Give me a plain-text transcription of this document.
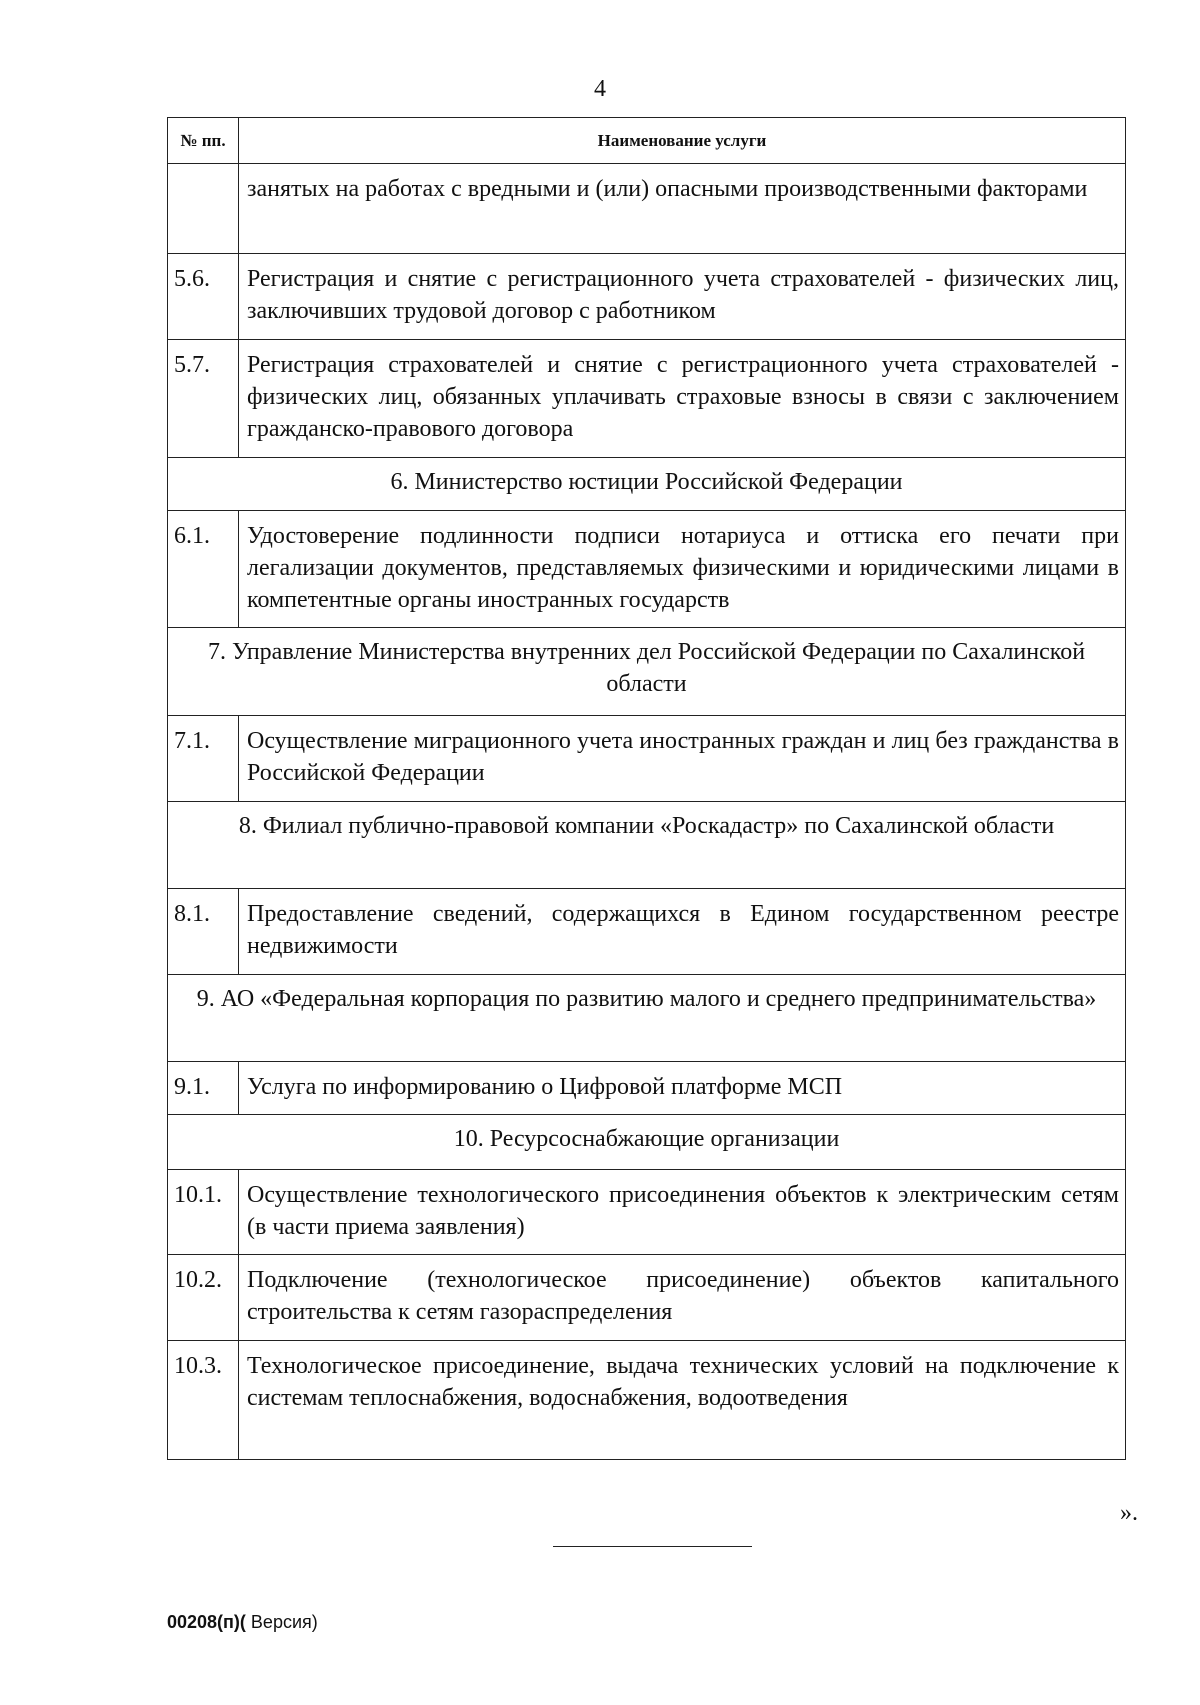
4
№ пп.	Наименование услуги
	занятых на работах с вредными и (или) опасными производственными факторами
5.6.	Регистрация и снятие с регистрационного учета страхователей - физических лиц, заключивших трудовой договор с работником
5.7.	Регистрация страхователей и снятие с регистрационного учета страхователей - физических лиц, обязанных уплачивать страховые взносы в связи с заключением гражданско-правового договора
6. Министерство юстиции Российской Федерации	
6.1.	Удостоверение подлинности подписи нотариуса и оттиска его печати при легализации документов, представляемых физическими и юридическими лицами в компетентные органы иностранных государств
7. Управление Министерства внутренних дел Российской Федерации по Сахалинской области	
7.1.	Осуществление миграционного учета иностранных граждан и лиц без гражданства в Российской Федерации
8. Филиал публично-правовой компании «Роскадастр» по Сахалинской области	
8.1.	Предоставление сведений, содержащихся в Едином государственном реестре недвижимости
9. АО «Федеральная корпорация по развитию малого и среднего предпринимательства»	
9.1.	Услуга по информированию о Цифровой платформе МСП
10. Ресурсоснабжающие организации	
10.1.	Осуществление технологического присоединения объектов к электрическим сетям (в части приема заявления)
10.2.	Подключение (технологическое присоединение) объектов капитального строительства к сетям газораспределения
10.3.	Технологическое присоединение, выдача технических условий на подключение к системам теплоснабжения, водоснабжения, водоотведения
».
00208(п)( Версия)
